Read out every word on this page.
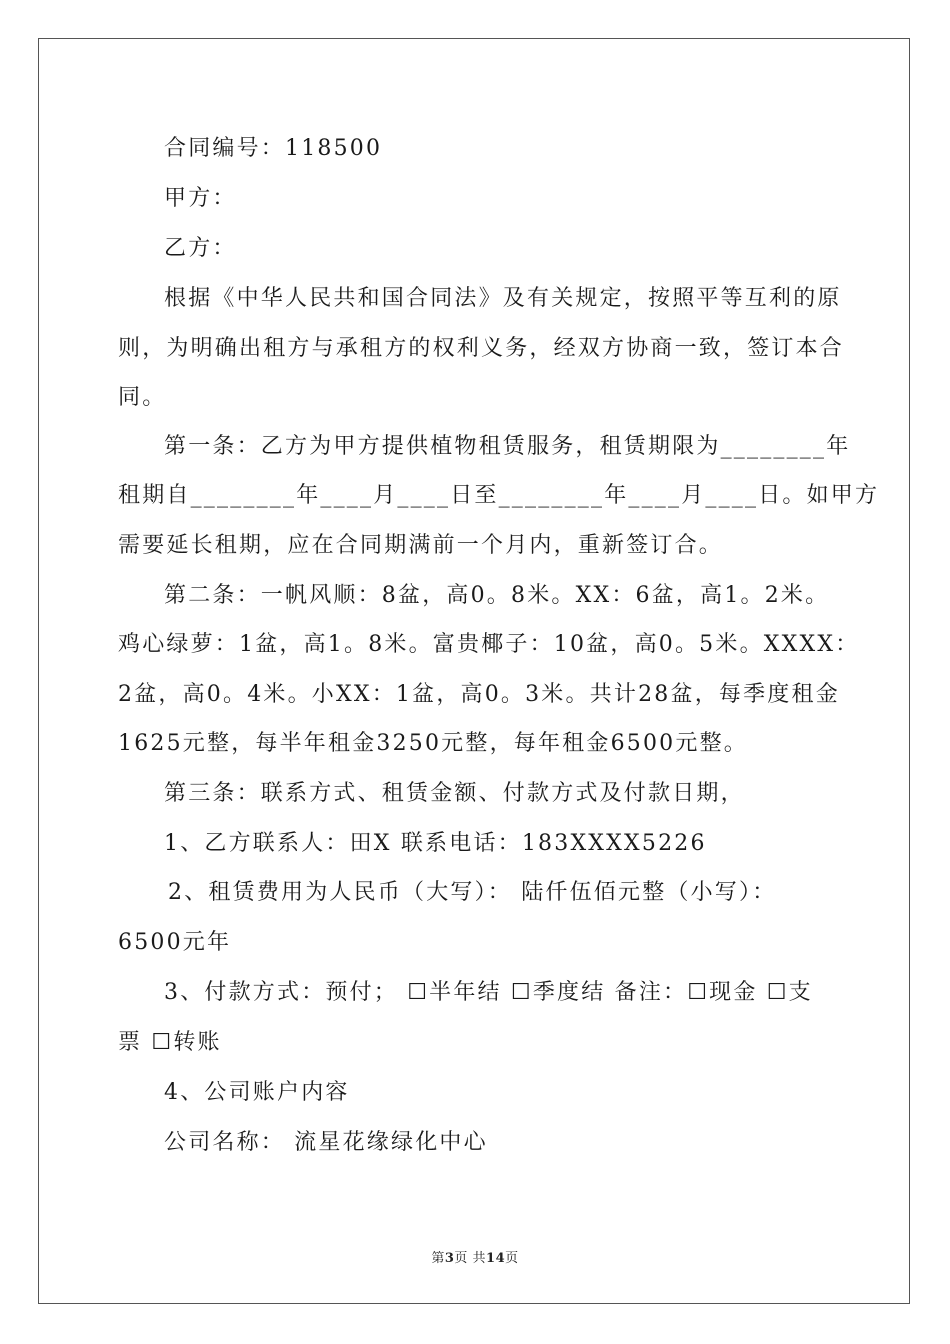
合同编号：118500
甲方：
乙方：
根据《中华人民共和国合同法》及有关规定，按照平等互利的原
则，为明确出租方与承租方的权利义务，经双方协商一致，签订本合
同。
第一条：乙方为甲方提供植物租赁服务，租赁期限为________年
租期自________年____月____日至________年____月____日。如甲方
需要延长租期，应在合同期满前一个月内，重新签订合。
第二条：一帆风顺：8盆，高0。8米。XX：6盆，高1。2米。
鸡心绿萝：1盆，高1。8米。富贵椰子：10盆，高0。5米。XXXX：
2盆，高0。4米。小XX：1盆，高0。3米。共计28盆，每季度租金
1625元整，每半年租金3250元整，每年租金6500元整。
第三条：联系方式、租赁金额、付款方式及付款日期，
1、乙方联系人：田X 联系电话：183XXXX5226
2、租赁费用为人民币（大写）： 陆仟伍佰元整（小写）：
6500元年
3、付款方式：预付； ☐半年结 ☐季度结 备注：☐现金 ☐支
票 ☐转账
4、公司账户内容
公司名称： 流星花缘绿化中心
第3页 共14页
